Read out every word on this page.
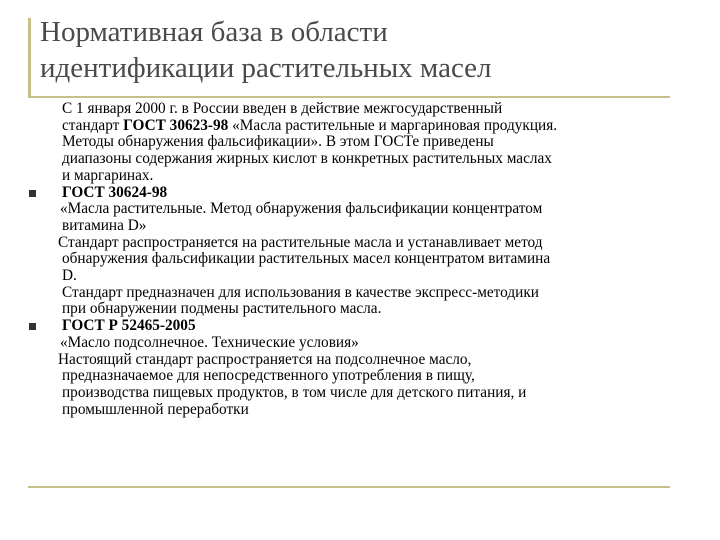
Нормативная база в области
идентификации растительных масел
С 1 января 2000 г. в России введен в действие межгосударственный
стандарт ГОСТ 30623-98 «Масла растительные и маргариновая продукция.
Методы обнаружения фальсификации». В этом ГОСТе приведены
диапазоны содержания жирных кислот в конкретных растительных маслах
и маргаринах.
ГОСТ 30624-98
«Масла растительные. Метод обнаружения фальсификации концентратом
витамина D»
Стандарт распространяется на растительные масла и устанавливает метод
обнаружения фальсификации растительных масел концентратом витамина
D.
Стандарт предназначен для использования в качестве экспресс-методики
при обнаружении подмены растительного масла.
ГОСТ Р 52465-2005
«Масло подсолнечное. Технические условия»
Настоящий стандарт распространяется на подсолнечное масло,
предназначаемое для непосредственного употребления в пищу,
производства пищевых продуктов, в том числе для детского питания, и
промышленной переработки
